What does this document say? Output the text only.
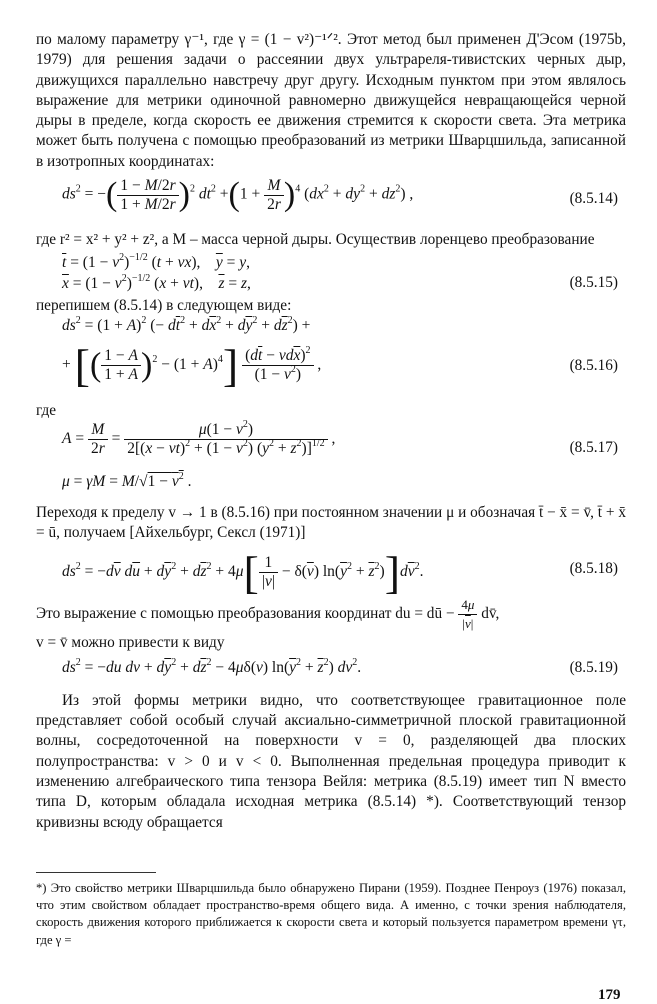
по малому параметру γ⁻¹, где γ = (1 − v²)⁻¹ᐟ². Этот метод был применен Д'Эсом (1975b, 1979) для решения задачи о рассеянии двух ультрареля-тивистских черных дыр, движущихся параллельно навстречу друг другу. Исходным пунктом при этом являлось выражение для метрики одиночной равномерно движущейся невращающейся черной дыры в пределе, когда скорость ее движения стремится к скорости света. Эта метрика может быть получена с помощью преобразований из метрики Шварцшильда, записанной в изотропных координатах:

$ds^2$ = −( $\frac{1 - M/2r}{1 + M/2r} )^2$ $dt^2 +(1 + \frac{M}{2r} )^4$ $(dx^2 + dy^2 + dz^2)$ ,	(8.5.14)

где r² = x² + y² + z², а M – масса черной дыры. Осуществив лоренцево преобразование

$\overline{t} = (1 - v^2)^{-1/2}$ (t + vx),    $\overline{y} = y$,
$\overline{x} = (1 - v^2)^{-1/2}$ (x + vt),    $\overline{z} = z$,	(8.5.15)

перепишем (8.5.14) в следующем виде:

$ds^2 = (1 + A)^2$ (− $d\overline{t}^2 + d\overline{x}^2 + d\overline{y}^2 + d\overline{z}^2$) +
+ [( $\frac{1 - A}{1 + A} )^2 - (1 + A)^4] \frac{(d\overline{t} - vd\overline{x})^2}{(1 - v^2)}$ ,	(8.5.16)

где

$A = \frac{M}{2r} = \frac{\mu(1 - v^2)}{2[(\overline{x} - v\overline{t})^2 + (1 - v^2) (\overline{y}^2 + \overline{z}^2)]^{1/2}}$ ,
$\mu = \gamma M = M/√1 - v^2$ .
(8.5.17)

Переходя к пределу v → 1 в (8.5.16) при постоянном значении μ и обозначая t̄ − x̄ = v̄, t̄ + x̄ = ū, получаем [Айхельбург, Сексл (1971)]

$ds^2 = -d\overline{v}$ $d\overline{u} + d\overline{y}^2 + d\overline{z}^2 + 4\mu[ \frac{1}{|\overline{v}|} - \delta(\overline{v}) \ln(\overline{y}^2 + \overline{z}^2)]d\overline{v}^2$.	(8.5.18)

Это выражение с помощью преобразования координат du = dū − $\frac{4\mu}{|\overline{v}|}$ dv̄,
v = v̄ можно привести к виду

$ds^2 = -du$ dv + $d\overline{y}^2 + d\overline{z}^2 - 4\mu\delta(v) \ln(\overline{y}^2 + \overline{z}^2)$ $dv^2$.	(8.5.19)

Из этой формы метрики видно, что соответствующее гравитационное поле представляет собой особый случай аксиально-симметричной плоской гравитационной волны, сосредоточенной на поверхности v = 0, разделяющей два плоских полупространства: v > 0 и v < 0. Выполненная предельная процедура приводит к изменению алгебраического типа тензора Вейля: метрика (8.5.19) имеет тип N вместо типа D, которым обладала исходная метрика (8.5.14) *). Соответствующий тензор кривизны всюду обращается

*) Это свойство метрики Шварцшильда было обнаружено Пирани (1959). Позднее Пенроуз (1976) показал, что этим свойством обладает пространство-время общего вида. А именно, с точки зрения наблюдателя, скорость движения которого приближается к скорости света и который пользуется параметром времени γτ, где γ =
179
